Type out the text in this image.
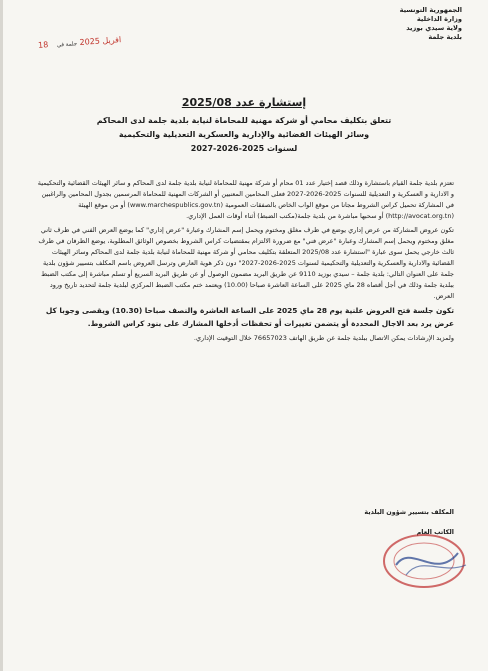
الجمهورية التونسية
وزارة الداخلية
ولاية سيدي بوزيد
بلدية جلمة
18 افريل 2025 جلمة في
إستشارة عدد 2025/08
تتعلق بتكليف محامي أو شركة مهنية للمحاماة لنيابة بلدية جلمة لدى المحاكم
وسائر الهيئات القضائية والإدارية والعسكرية التعديلية والتحكيمية
لسنوات 2025-2026-2027

تعتزم بلدية جلمة القيام باستشارة وذلك قصد إختيار عدد 01 محام أو شركة مهنية للمحاماة لنيابة بلدية جلمة لدى المحاكم و سائر الهيئات القضائية والتحكيمية و الادارية و العسكرية و التعديلية للسنوات 2025-2026-2027 فعلى المحامين المعنيين أو الشركات المهنية للمحاماة المرسمين بجدول المحامين والراغبين في المشاركة تحميل كراس الشروط مجانا من موقع الواب الخاص بالصفقات العمومية (www.marchespublics.gov.tn) أو من موقع الهيئة (http://avocat.org.tn) أو سحبها مباشرة من بلدية جلمة(مكتب الضبط) أثناء أوقات العمل الإداري.

تكون عروض المشاركة من عرض إداري يوضع في ظرف مغلق ومختوم ويحمل إسم المشارك وعبارة "عرض إداري" كما يوضع العرض الفني في ظرف ثاني مغلق ومختوم ويحمل إسم المشارك وعبارة "عرض فني" مع ضرورة الالتزام بمقتضيات كراس الشروط بخصوص الوثائق المطلوبة، يوضع الظرفان في ظرف ثالث خارجي يحمل سوى عبارة "استشارة عدد 2025/08 المتعلقة بتكليف محامي أو شركة مهنية للمحاماة لنيابة بلدية جلمة لدى المحاكم وسائر الهيئات القضائية والادارية والعسكرية والتعديلية والتحكيمية لسنوات 2025-2026-2027" دون ذكر هوية العارض وترسل العروض باسم المكلف بتسيير شؤون بلدية جلمة على العنوان التالي: بلدية جلمة – سيدي بوزيد 9110 عن طريق البريد مضمون الوصول أو عن طريق البريد السريع أو تسلم مباشرة إلى مكتب الضبط ببلدية جلمة وذلك في أجل أقصاه 28 ماي 2025 على الساعة العاشرة صباحا (10.00) ويعتمد ختم مكتب الضبط المركزي لبلدية جلمة لتحديد تاريخ ورود العرض.

تكون جلسة فتح العروض علنية يوم 28 ماي 2025 على الساعة العاشرة والنصف صباحا (10.30) ويقصى وجوبا كل عرض يرد بعد الاجال المحددة أو يتضمن تغييرات أو تحفظات أدخلها المشارك على بنود كراس الشروط.

ولمزيد الإرشادات يمكن الاتصال ببلدية جلمة عن طريق الهاتف 76657023 خلال التوقيت الإداري.

المكلف بتسيير شؤون البلدية
الكاتب العام
